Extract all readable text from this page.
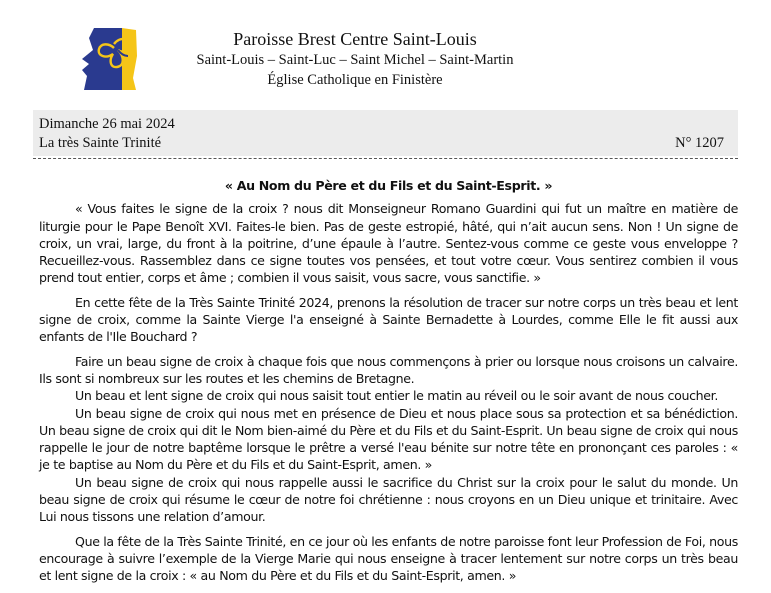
Paroisse Brest Centre Saint-Louis
Saint-Louis – Saint-Luc – Saint Michel – Saint-Martin
Église Catholique en Finistère
Dimanche 26 mai 2024
La très Sainte Trinité	N° 1207
« Au Nom du Père et du Fils et du Saint-Esprit. »

« Vous faites le signe de la croix ? nous dit Monseigneur Romano Guardini qui fut un maître en matière de liturgie pour le Pape Benoît XVI. Faites-le bien. Pas de geste estropié, hâté, qui n’ait aucun sens. Non ! Un signe de croix, un vrai, large, du front à la poitrine, d’une épaule à l’autre. Sentez-vous comme ce geste vous enveloppe ? Recueillez-vous. Rassemblez dans ce signe toutes vos pensées, et tout votre cœur. Vous sentirez combien il vous prend tout entier, corps et âme ; combien il vous saisit, vous sacre, vous sanctifie. »

En cette fête de la Très Sainte Trinité 2024, prenons la résolution de tracer sur notre corps un très beau et lent signe de croix, comme la Sainte Vierge l'a enseigné à Sainte Bernadette à Lourdes, comme Elle le fit aussi aux enfants de l'Ile Bouchard ?

Faire un beau signe de croix à chaque fois que nous commençons à prier ou lorsque nous croisons un calvaire. Ils sont si nombreux sur les routes et les chemins de Bretagne.

Un beau et lent signe de croix qui nous saisit tout entier le matin au réveil ou le soir avant de nous coucher.

Un beau signe de croix qui nous met en présence de Dieu et nous place sous sa protection et sa bénédiction. Un beau signe de croix qui dit le Nom bien-aimé du Père et du Fils et du Saint-Esprit. Un beau signe de croix qui nous rappelle le jour de notre baptême lorsque le prêtre a versé l'eau bénite sur notre tête en prononçant ces paroles : « je te baptise au Nom du Père et du Fils et du Saint-Esprit, amen. »

Un beau signe de croix qui nous rappelle aussi le sacrifice du Christ sur la croix pour le salut du monde. Un beau signe de croix qui résume le cœur de notre foi chrétienne : nous croyons en un Dieu unique et trinitaire. Avec Lui nous tissons une relation d’amour.

Que la fête de la Très Sainte Trinité, en ce jour où les enfants de notre paroisse font leur Profession de Foi, nous encourage à suivre l’exemple de la Vierge Marie qui nous enseigne à tracer lentement sur notre corps un très beau et lent signe de la croix : « au Nom du Père et du Fils et du Saint-Esprit, amen. »
